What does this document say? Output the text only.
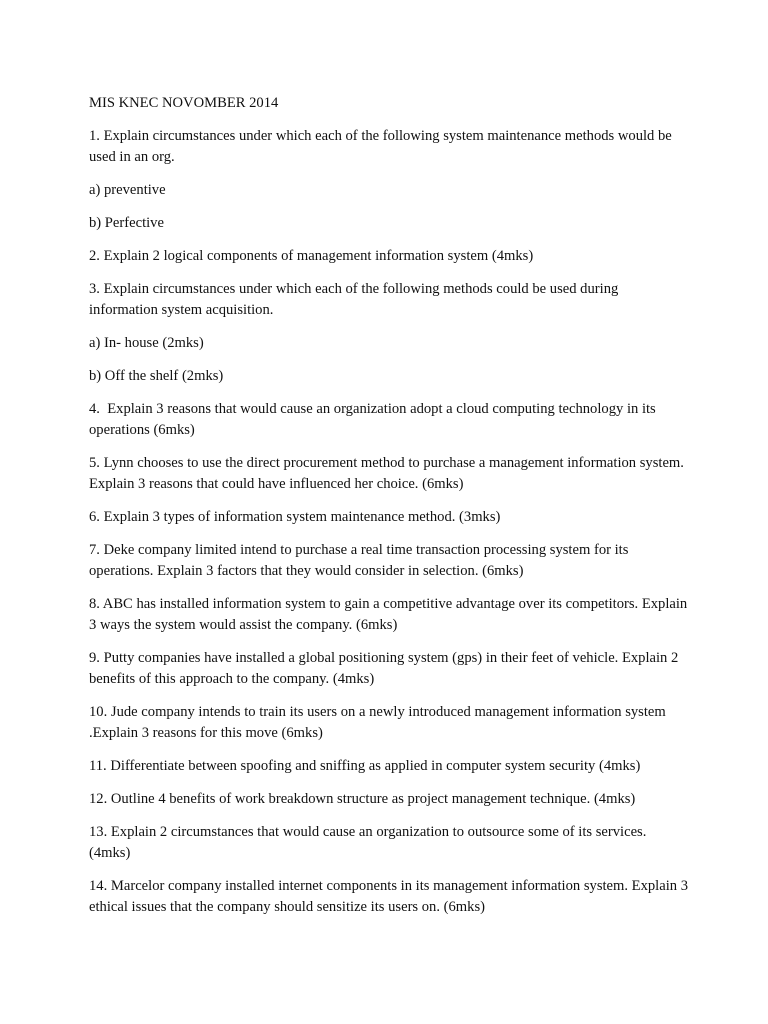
MIS KNEC NOVOMBER 2014

1. Explain circumstances under which each of the following system maintenance methods would be used in an org.

a) preventive

b) Perfective

2. Explain 2 logical components of management information system (4mks)

3. Explain circumstances under which each of the following methods could be used during information system acquisition.

a) In- house (2mks)

b) Off the shelf (2mks)

4.  Explain 3 reasons that would cause an organization adopt a cloud computing technology in its operations (6mks)

5. Lynn chooses to use the direct procurement method to purchase a management information system. Explain 3 reasons that could have influenced her choice. (6mks)

6. Explain 3 types of information system maintenance method. (3mks)

7. Deke company limited intend to purchase a real time transaction processing system for its operations. Explain 3 factors that they would consider in selection. (6mks)

8. ABC has installed information system to gain a competitive advantage over its competitors. Explain 3 ways the system would assist the company. (6mks)

9. Putty companies have installed a global positioning system (gps) in their feet of vehicle. Explain 2 benefits of this approach to the company. (4mks)

10. Jude company intends to train its users on a newly introduced management information system .Explain 3 reasons for this move (6mks)

11. Differentiate between spoofing and sniffing as applied in computer system security (4mks)

12. Outline 4 benefits of work breakdown structure as project management technique. (4mks)

13. Explain 2 circumstances that would cause an organization to outsource some of its services. (4mks)

14. Marcelor company installed internet components in its management information system. Explain 3 ethical issues that the company should sensitize its users on. (6mks)
